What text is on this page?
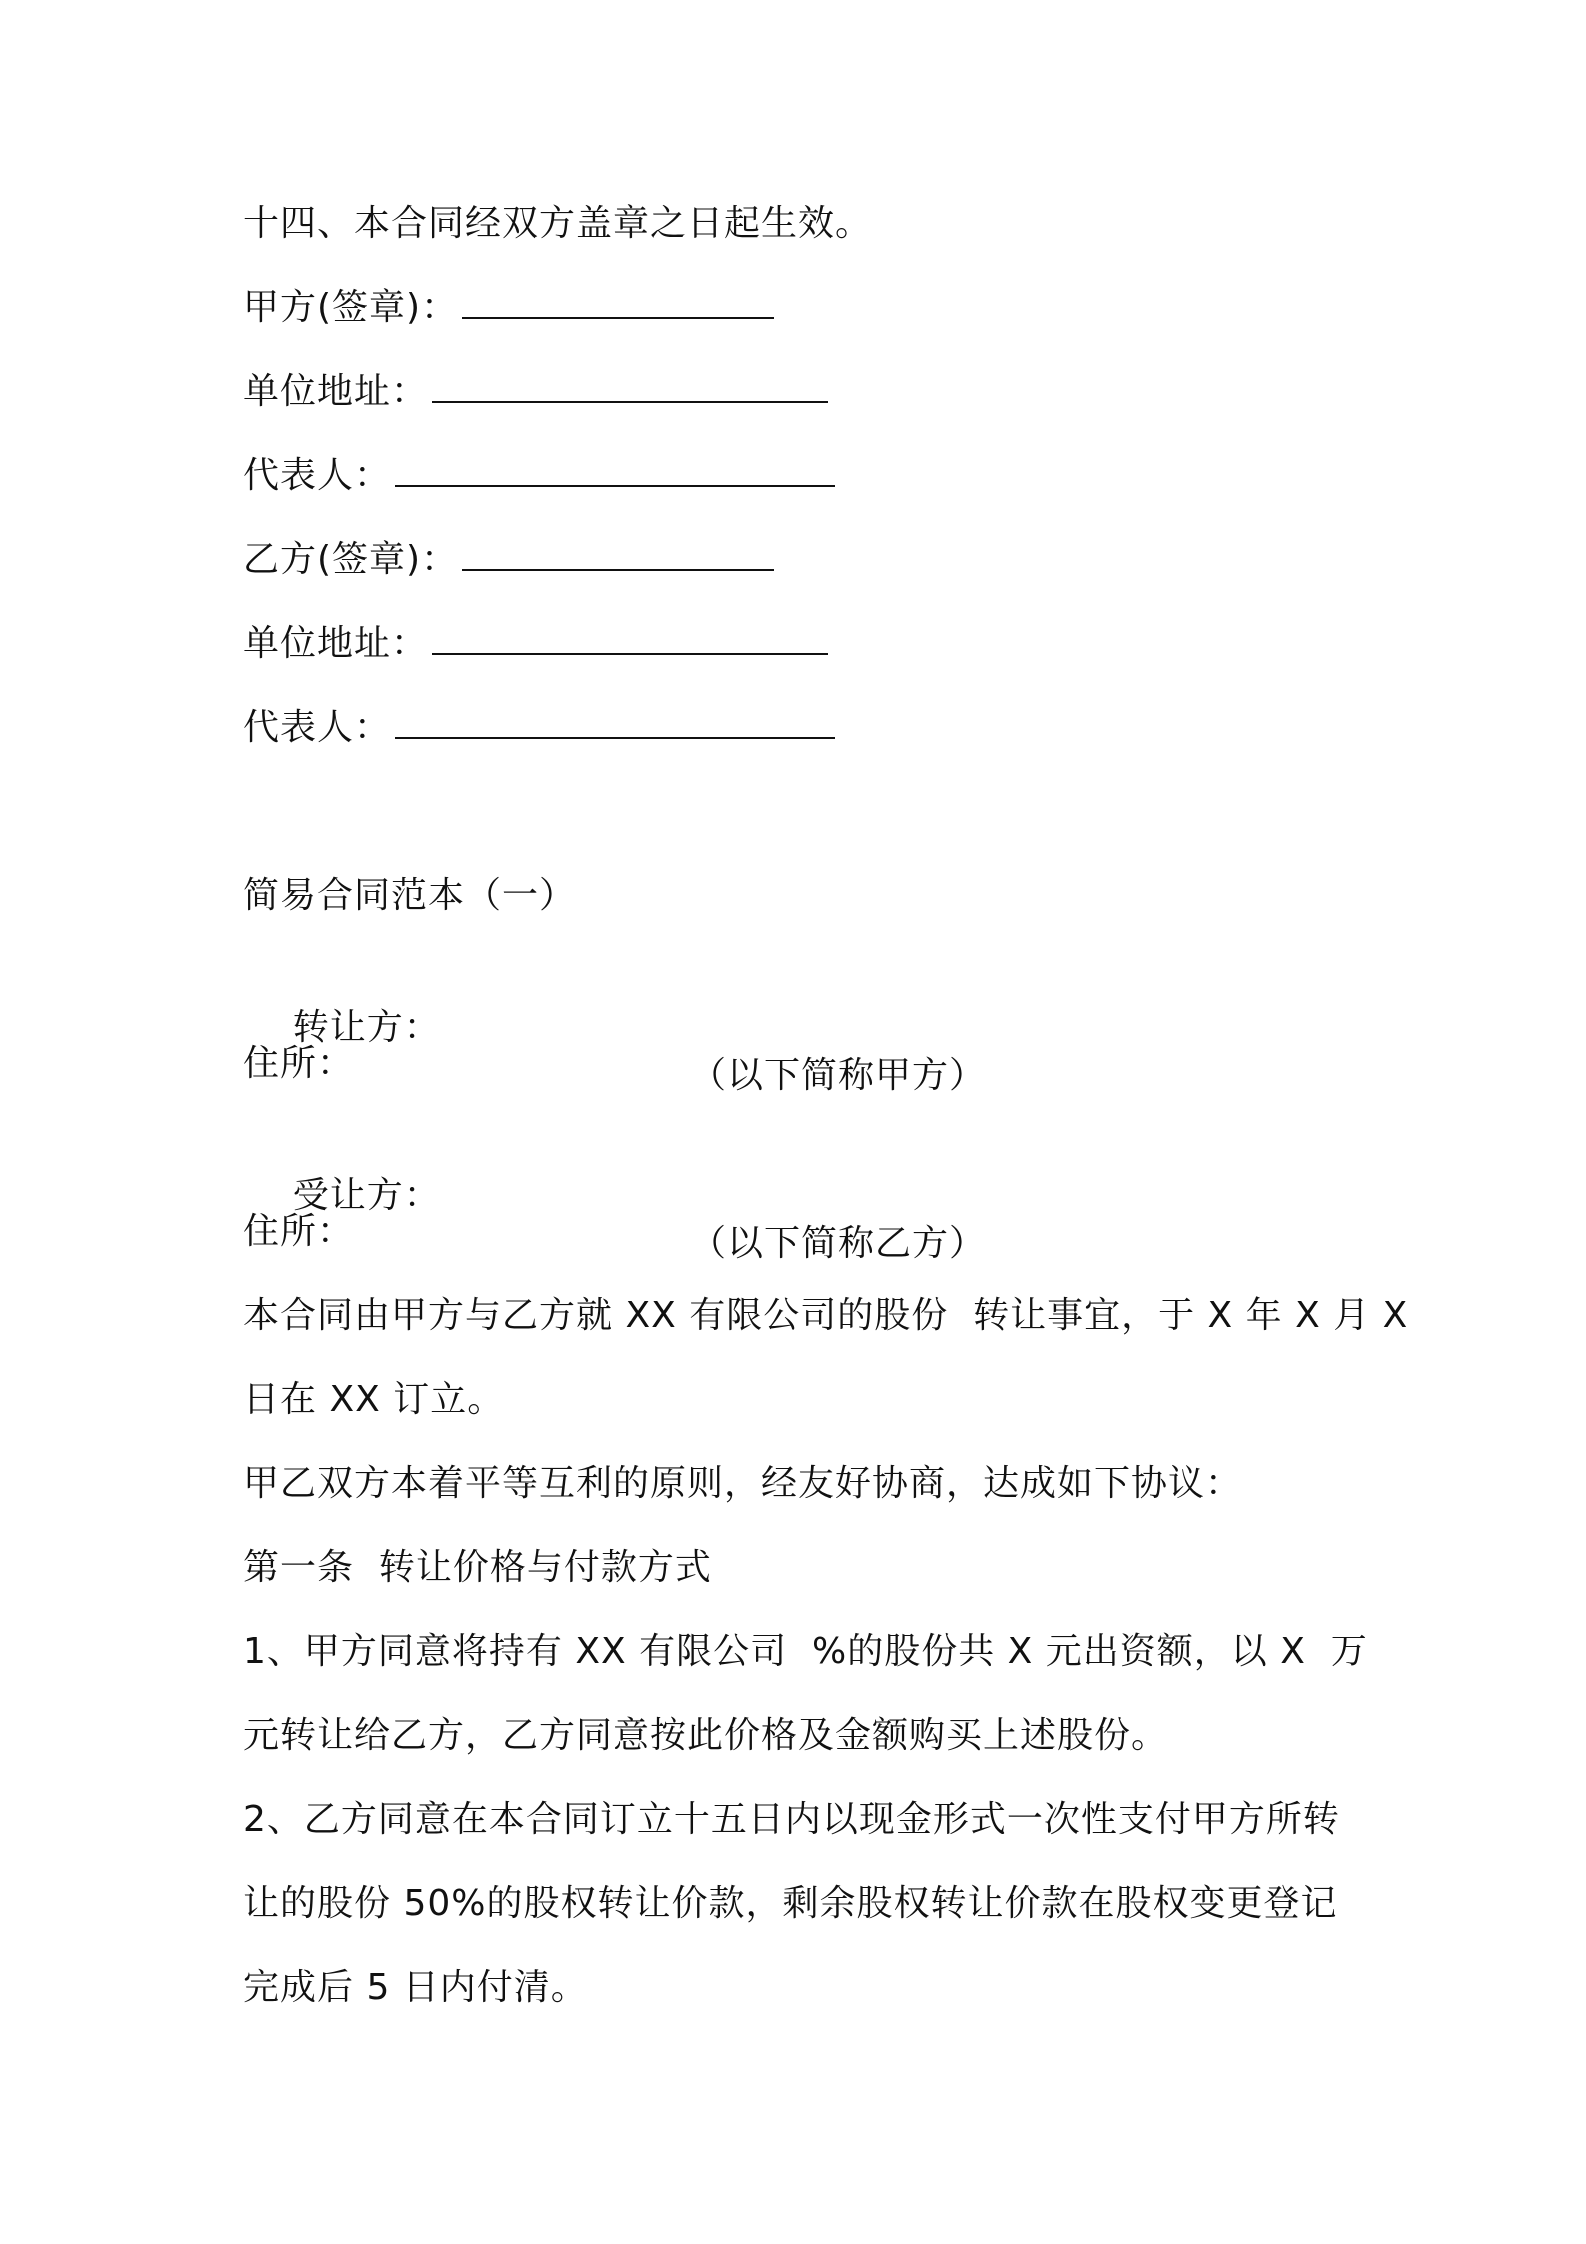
十四、本合同经双方盖章之日起生效。
甲方(签章)：
单位地址：
代表人：
乙方(签章)：
单位地址：
代表人：
简易合同范本（一）

转让方：

（以下简称甲方）

住所：

受让方：

（以下简称乙方）

住所：
本合同由甲方与乙方就 XX 有限公司的股份  转让事宜，于 X 年 X 月 X
日在 XX 订立。
甲乙双方本着平等互利的原则，经友好协商，达成如下协议：
第一条  转让价格与付款方式
1、甲方同意将持有 XX 有限公司  %的股份共 X 元出资额，以 X  万
元转让给乙方，乙方同意按此价格及金额购买上述股份。
2、乙方同意在本合同订立十五日内以现金形式一次性支付甲方所转
让的股份 50%的股权转让价款，剩余股权转让价款在股权变更登记
完成后 5 日内付清。
